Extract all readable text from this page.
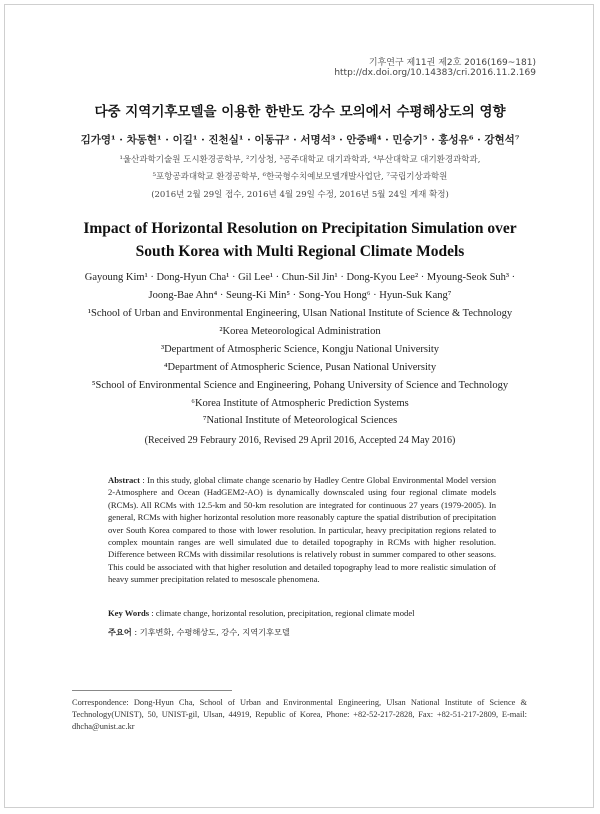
기후연구 제11권 제2호 2016(169~181)
http://dx.doi.org/10.14383/cri.2016.11.2.169
다중 지역기후모델을 이용한 한반도 강수 모의에서 수평해상도의 영향
김가영¹ · 차동현¹ · 이길¹ · 진천실¹ · 이동규² · 서명석³ · 안중배⁴ · 민승기⁵ · 홍성유⁶ · 강현석⁷
¹울산과학기술원 도시환경공학부, ²기상청, ³공주대학교 대기과학과, ⁴부산대학교 대기환경과학과,
⁵포항공과대학교 환경공학부, ⁶한국형수치예보모델개발사업단, ⁷국립기상과학원
(2016년 2월 29일 접수, 2016년 4월 29일 수정, 2016년 5월 24일 게재 확정)
Impact of Horizontal Resolution on Precipitation Simulation over
South Korea with Multi Regional Climate Models
Gayoung Kim¹ · Dong-Hyun Cha¹ · Gil Lee¹ · Chun-Sil Jin¹ · Dong-Kyou Lee² · Myoung-Seok Suh³ ·
Joong-Bae Ahn⁴ · Seung-Ki Min⁵ · Song-You Hong⁶ · Hyun-Suk Kang⁷
¹School of Urban and Environmental Engineering, Ulsan National Institute of Science & Technology
²Korea Meteorological Administration
³Department of Atmospheric Science, Kongju National University
⁴Department of Atmospheric Science, Pusan National University
⁵School of Environmental Science and Engineering, Pohang University of Science and Technology
⁶Korea Institute of Atmospheric Prediction Systems
⁷National Institute of Meteorological Sciences
(Received 29 Febraury 2016, Revised 29 April 2016, Accepted 24 May 2016)
Abstract : In this study, global climate change scenario by Hadley Centre Global Environmental Model version 2-Atmosphere and Ocean (HadGEM2-AO) is dynamically downscaled using four regional climate models (RCMs). All RCMs with 12.5-km and 50-km resolution are integrated for continuous 27 years (1979-2005). In general, RCMs with higher horizontal resolution more reasonably capture the spatial distribution of precipitation over South Korea compared to those with lower resolution. In particular, heavy precipitation regions related to complex mountain ranges are well simulated due to detailed topography in RCMs with higher resolution. Difference between RCMs with dissimilar resolutions is relatively robust in summer compared to other seasons. This could be associated with that higher resolution and detailed topography lead to more realistic simulation of heavy summer precipitation related to mesoscale phenomena.
Key Words : climate change, horizontal resolution, precipitation, regional climate model
주요어 : 기후변화, 수평해상도, 강수, 지역기후모델
Correspondence: Dong-Hyun Cha, School of Urban and Environmental Engineering, Ulsan National Institute of Science & Technology(UNIST), 50, UNIST-gil, Ulsan, 44919, Republic of Korea, Phone: +82-52-217-2828, Fax: +82-51-217-2809, E-mail: dhcha@unist.ac.kr
